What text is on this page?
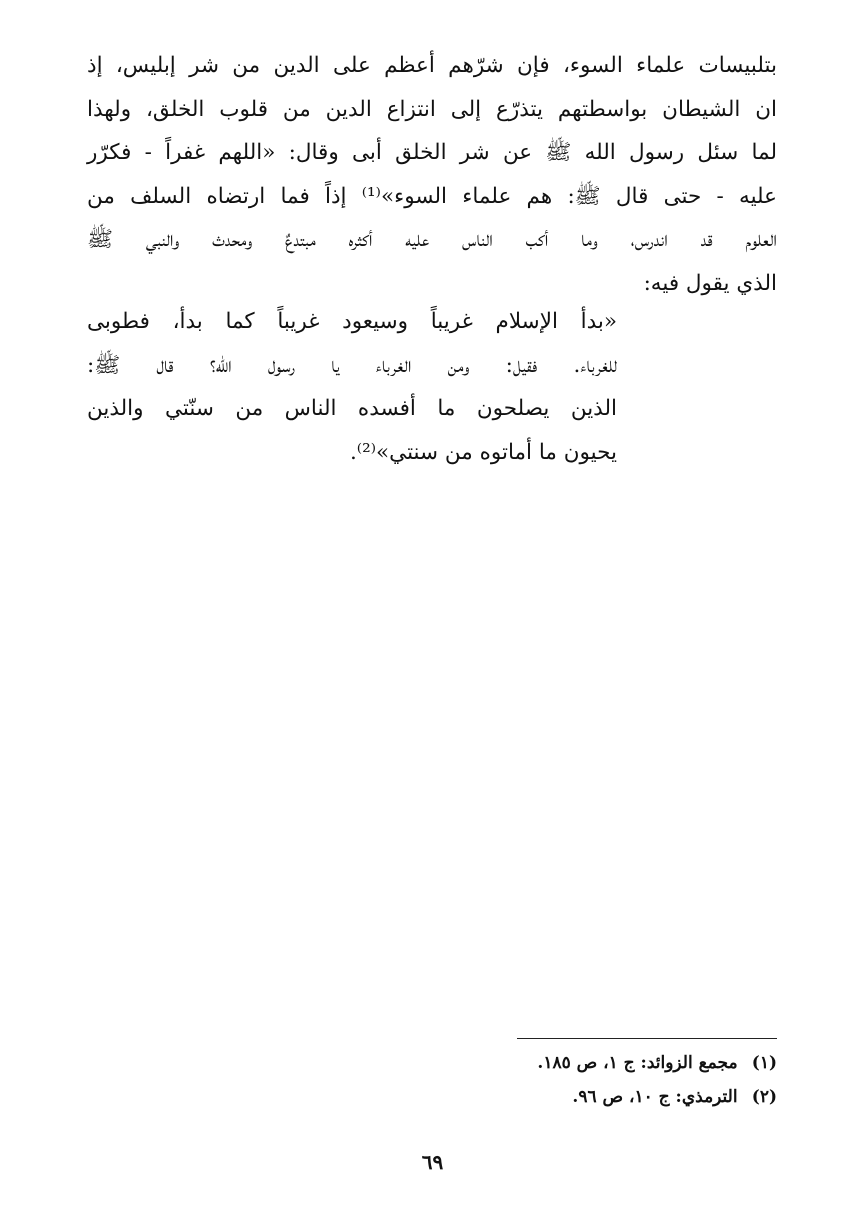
بتلبيسات علماء السوء، فإن شرّهم أعظم على الدين من شر إبليس، إذ
ان الشيطان بواسطتهم يتذرّع إلى انتزاع الدين من قلوب الخلق، ولهذا
لما سئل رسول الله ﷺ عن شر الخلق أبى وقال: «اللهم غفراً - فكرّر
عليه - حتى قال ﷺ: هم علماء السوء»⁽¹⁾ إذاً فما ارتضاه السلف من
العلوم قد اندرس، وما أكب الناس عليه أكثره مبتدعٌ ومحدث والنبي ﷺ
الذي يقول فيه:
«بدأ الإسلام غريباً وسيعود غريباً كما بدأ، فطوبى
للغرباء. فقيل: ومن الغرباء يا رسول الله؟ قال ﷺ:
الذين يصلحون ما أفسده الناس من سنّتي والذين
يحيون ما أماتوه من سنتي»⁽²⁾.
(١) مجمع الزوائد: ج ١، ص ١٨٥.
(٢) الترمذي: ج ١٠، ص ٩٦.
٦٩
